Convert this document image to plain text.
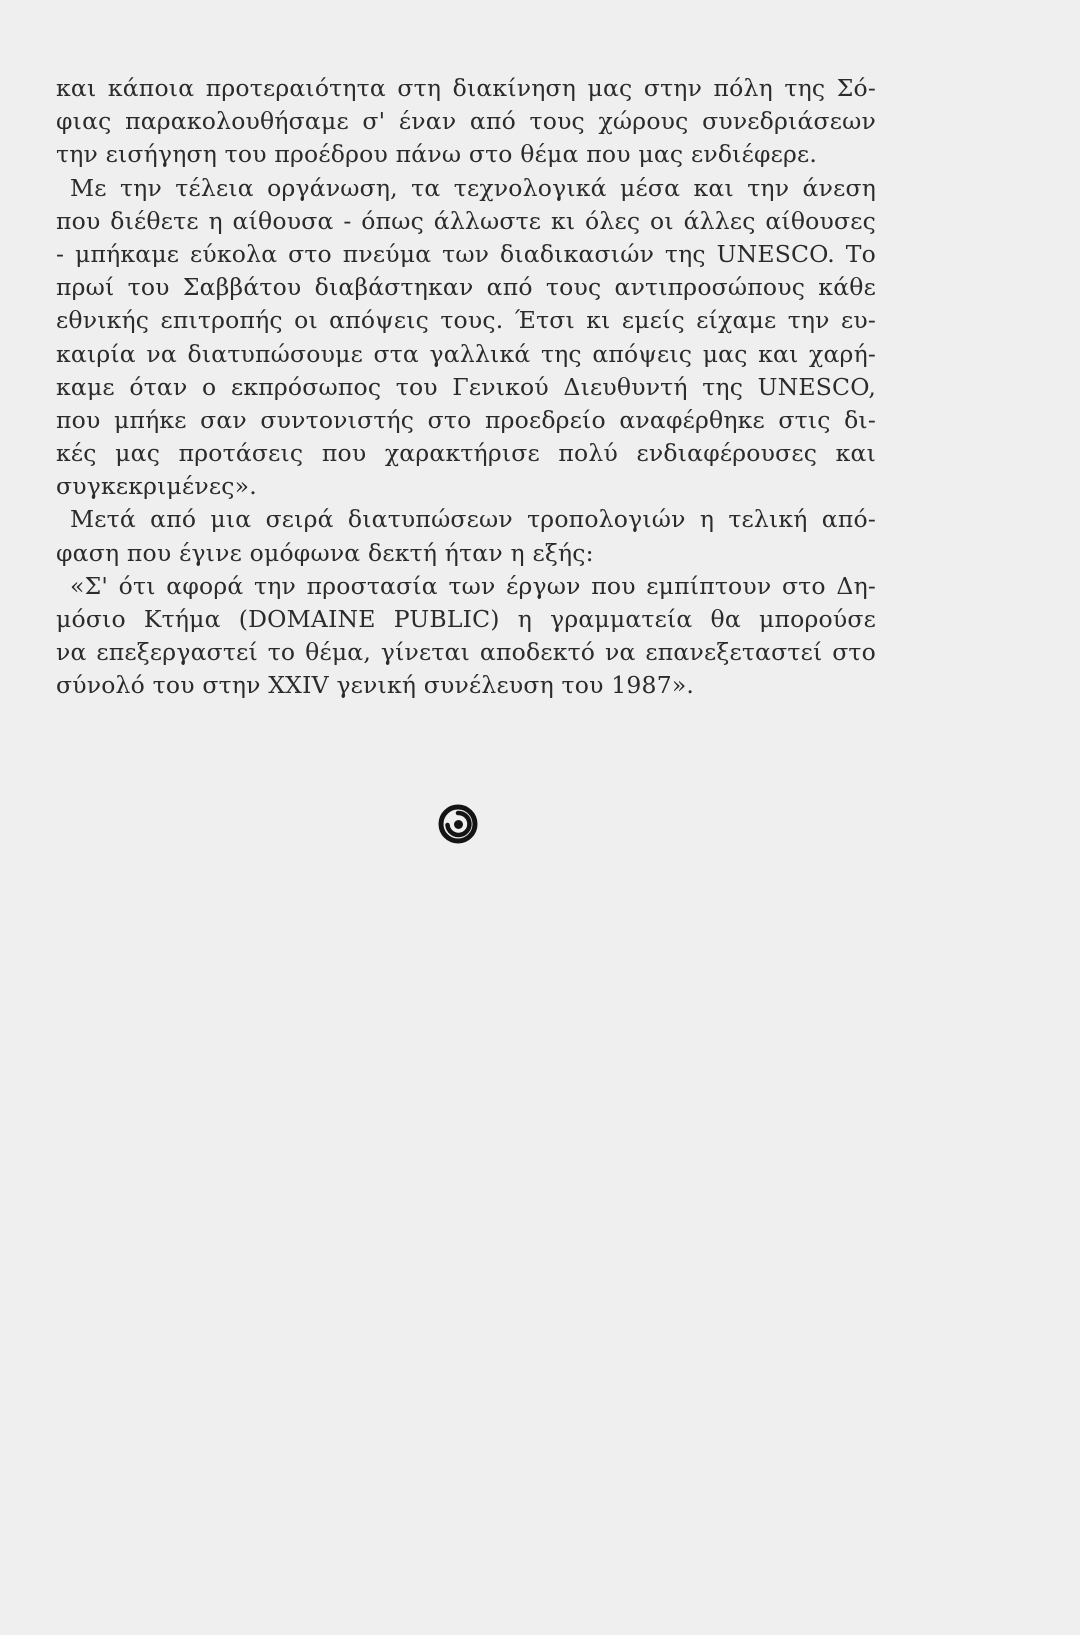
και κάποια προτεραιότητα στη διακίνηση μας στην πόλη της Σό-
φιας παρακολουθήσαμε σ' έναν από τους χώρους συνεδριάσεων
την εισήγηση του προέδρου πάνω στο θέμα που μας ενδιέφερε.
Με την τέλεια οργάνωση, τα τεχνολογικά μέσα και την άνεση
που διέθετε η αίθουσα - όπως άλλωστε κι όλες οι άλλες αίθουσες
- μπήκαμε εύκολα στο πνεύμα των διαδικασιών της UNESCO. Το
πρωί του Σαββάτου διαβάστηκαν από τους αντιπροσώπους κάθε
εθνικής επιτροπής οι απόψεις τους. Έτσι κι εμείς είχαμε την ευ-
καιρία να διατυπώσουμε στα γαλλικά της απόψεις μας και χαρή-
καμε όταν ο εκπρόσωπος του Γενικού Διευθυντή της UNESCO,
που μπήκε σαν συντονιστής στο προεδρείο αναφέρθηκε στις δι-
κές μας προτάσεις που χαρακτήρισε πολύ ενδιαφέρουσες και
συγκεκριμένες».
Μετά από μια σειρά διατυπώσεων τροπολογιών η τελική από-
φαση που έγινε ομόφωνα δεκτή ήταν η εξής:
«Σ' ότι αφορά την προστασία των έργων που εμπίπτουν στο Δη-
μόσιο Κτήμα (DOMAINE PUBLIC) η γραμματεία θα μπορούσε
να επεξεργαστεί το θέμα, γίνεται αποδεκτό να επανεξεταστεί στο
σύνολό του στην XXIV γενική συνέλευση του 1987».
